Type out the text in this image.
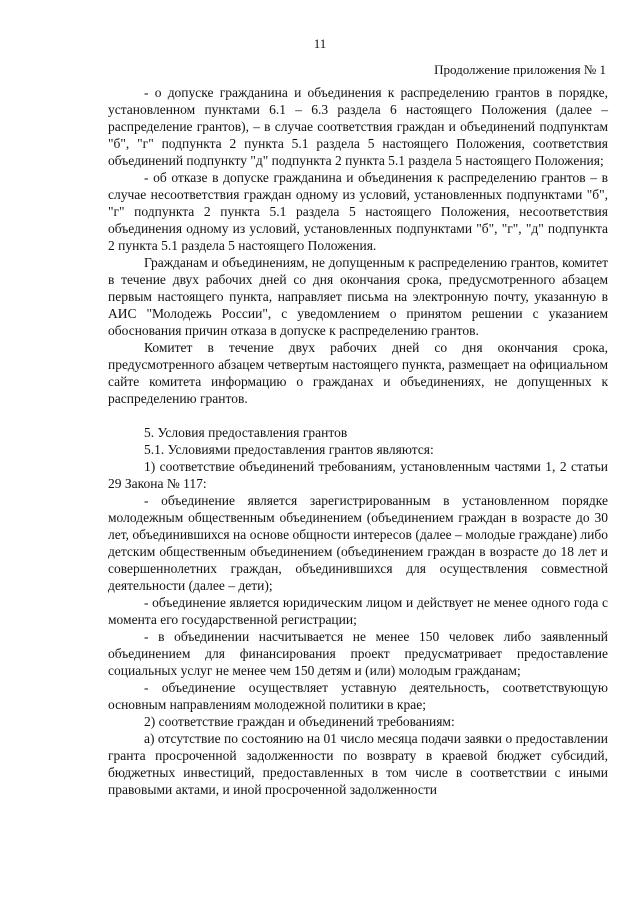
11
Продолжение приложения № 1

- о допуске гражданина и объединения к распределению грантов в порядке, установленном пунктами 6.1 – 6.3 раздела 6 настоящего Положения (далее – распределение грантов), – в случае соответствия граждан и объединений подпунктам "б", "г" подпункта 2 пункта 5.1 раздела 5 настоящего Положения, соответствия объединений подпункту "д" подпункта 2 пункта 5.1 раздела 5 настоящего Положения;

- об отказе в допуске гражданина и объединения к распределению грантов – в случае несоответствия граждан одному из условий, установленных подпунктами "б", "г" подпункта 2 пункта 5.1 раздела 5 настоящего Положения, несоответствия объединения одному из условий, установленных подпунктами "б", "г", "д" подпункта 2 пункта 5.1 раздела 5 настоящего Положения.

Гражданам и объединениям, не допущенным к распределению грантов, комитет в течение двух рабочих дней со дня окончания срока, предусмотренного абзацем первым настоящего пункта, направляет письма на электронную почту, указанную в АИС "Молодежь России", с уведомлением о принятом решении с указанием обоснования причин отказа в допуске к распределению грантов.

Комитет в течение двух рабочих дней со дня окончания срока, предусмотренного абзацем четвертым настоящего пункта, размещает на официальном сайте комитета информацию о гражданах и объединениях, не допущенных к распределению грантов.

5. Условия предоставления грантов

5.1. Условиями предоставления грантов являются:

1) соответствие объединений требованиям, установленным частями 1, 2 статьи 29 Закона № 117:

- объединение является зарегистрированным в установленном порядке молодежным общественным объединением (объединением граждан в возрасте до 30 лет, объединившихся на основе общности интересов (далее – молодые граждане) либо детским общественным объединением (объединением граждан в возрасте до 18 лет и совершеннолетних граждан, объединившихся для осуществления совместной деятельности (далее – дети);

- объединение является юридическим лицом и действует не менее одного года с момента его государственной регистрации;

- в объединении насчитывается не менее 150 человек либо заявленный объединением для финансирования проект предусматривает предоставление социальных услуг не менее чем 150 детям и (или) молодым гражданам;

- объединение осуществляет уставную деятельность, соответствующую основным направлениям молодежной политики в крае;

2) соответствие граждан и объединений требованиям:

а) отсутствие по состоянию на 01 число месяца подачи заявки о предоставлении гранта просроченной задолженности по возврату в краевой бюджет субсидий, бюджетных инвестиций, предоставленных в том числе в соответствии с иными правовыми актами, и иной просроченной задолженности
